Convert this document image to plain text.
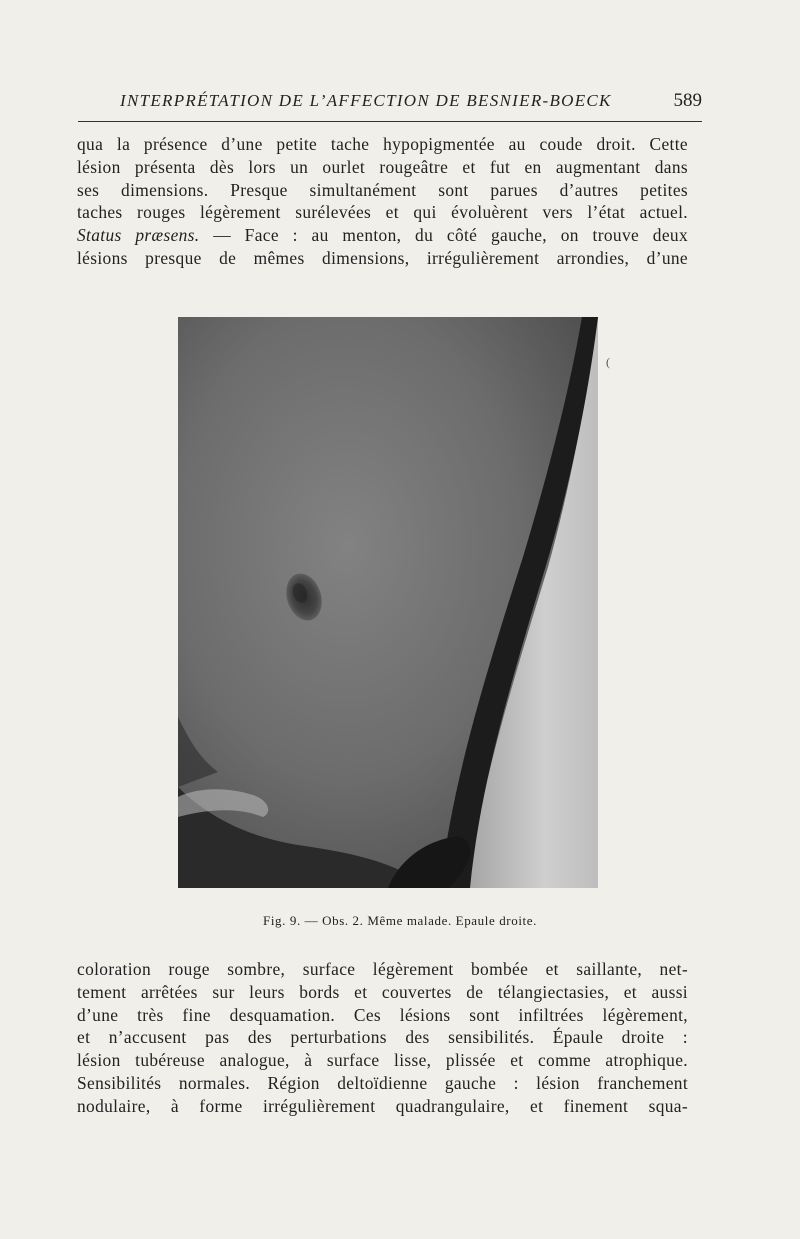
INTERPRÉTATION DE L’AFFECTION DE BESNIER-BOECK	589
qua la présence d’une petite tache hypopigmentée au coude droit. Cette
lésion présenta dès lors un ourlet rougeâtre et fut en augmentant dans
ses dimensions. Presque simultanément sont parues d’autres petites
taches rouges légèrement surélevées et qui évoluèrent vers l’état actuel.
Status præsens. — Face : au menton, du côté gauche, on trouve deux
lésions presque de mêmes dimensions, irrégulièrement arrondies, d’une
(
Fig. 9. — Obs. 2. Même malade. Epaule droite.
coloration rouge sombre, surface légèrement bombée et saillante, net-
tement arrêtées sur leurs bords et couvertes de télangiectasies, et aussi
d’une très fine desquamation. Ces lésions sont infiltrées légèrement,
et n’accusent pas des perturbations des sensibilités. Épaule droite :
lésion tubéreuse analogue, à surface lisse, plissée et comme atrophique.
Sensibilités normales. Région deltoïdienne gauche : lésion franchement
nodulaire, à forme irrégulièrement quadrangulaire, et finement squa-
